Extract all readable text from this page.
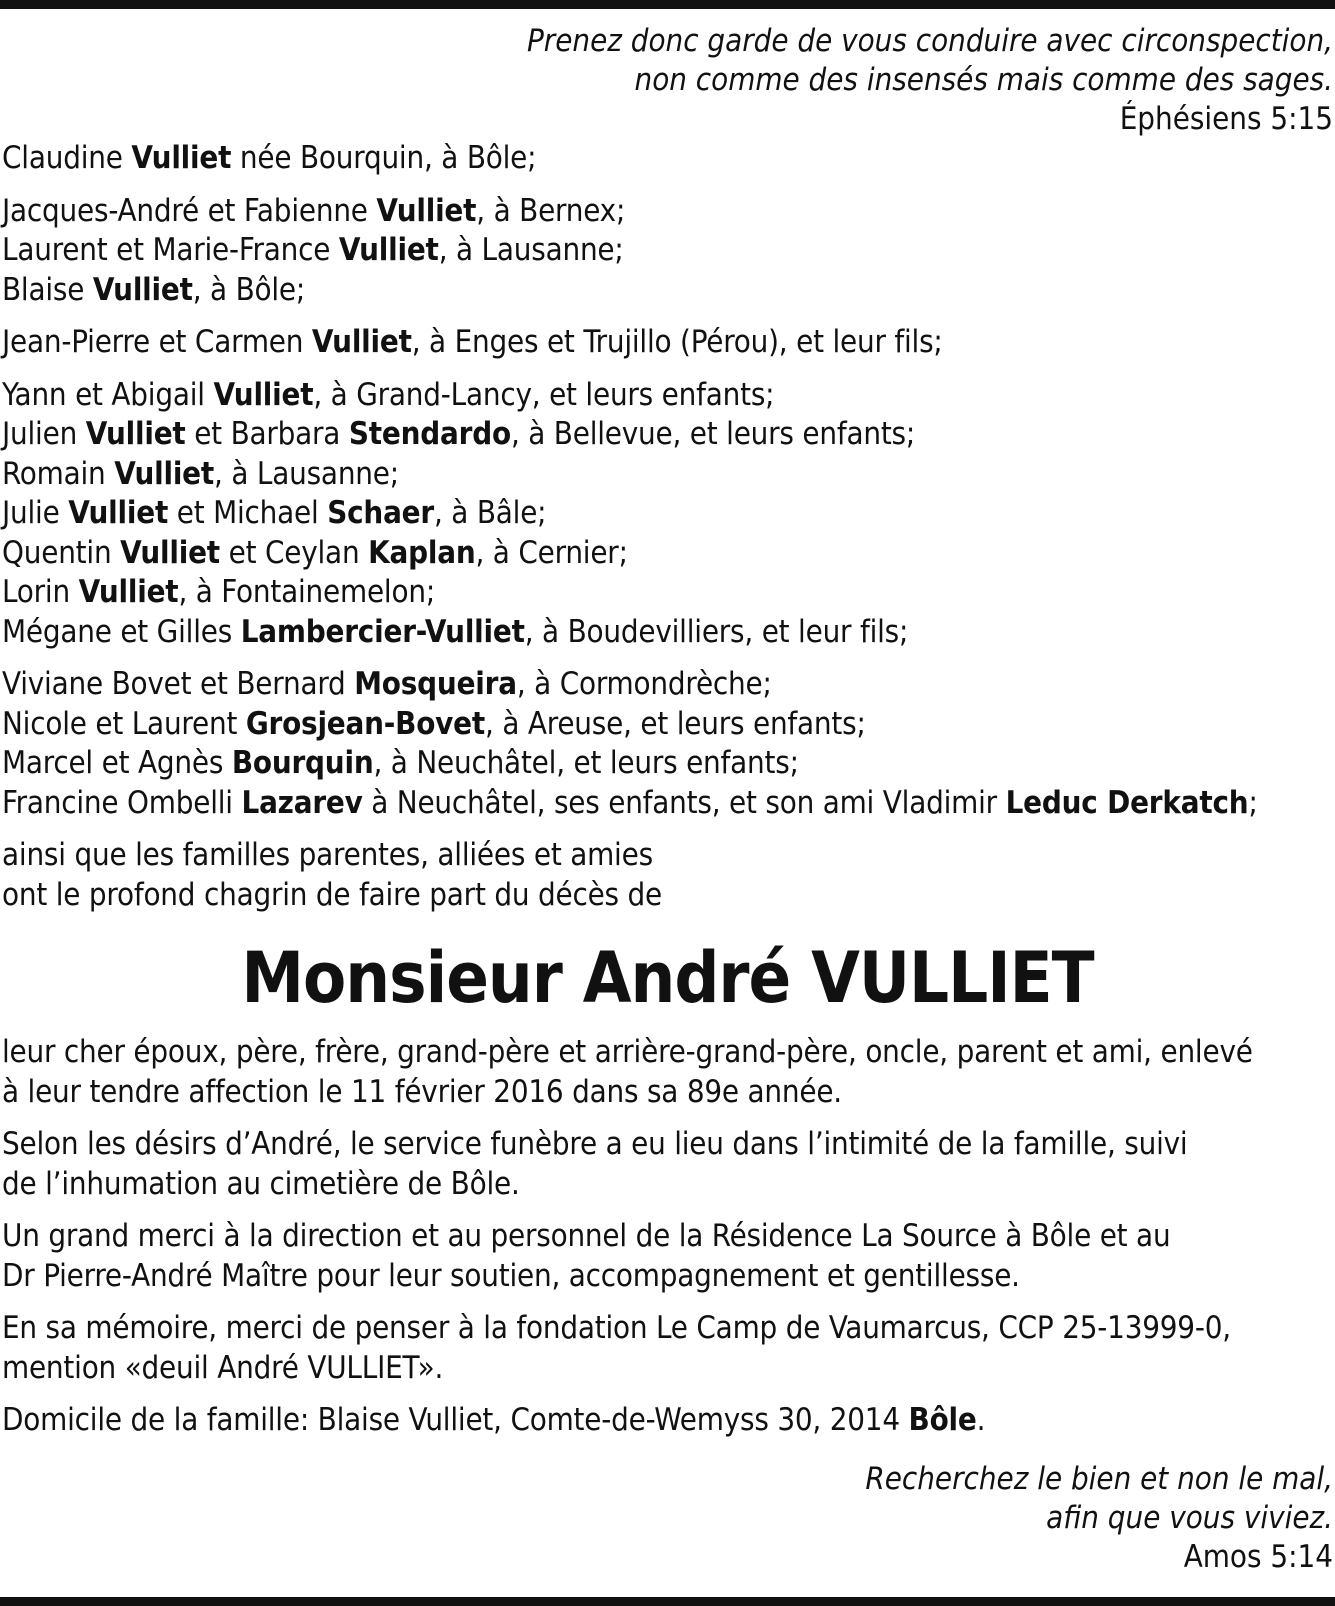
Prenez donc garde de vous conduire avec circonspection,
non comme des insensés mais comme des sages.
Éphésiens 5:15
Claudine Vulliet née Bourquin, à Bôle;
Jacques-André et Fabienne Vulliet, à Bernex;
Laurent et Marie-France Vulliet, à Lausanne;
Blaise Vulliet, à Bôle;
Jean-Pierre et Carmen Vulliet, à Enges et Trujillo (Pérou), et leur fils;
Yann et Abigail Vulliet, à Grand-Lancy, et leurs enfants;
Julien Vulliet et Barbara Stendardo, à Bellevue, et leurs enfants;
Romain Vulliet, à Lausanne;
Julie Vulliet et Michael Schaer, à Bâle;
Quentin Vulliet et Ceylan Kaplan, à Cernier;
Lorin Vulliet, à Fontainemelon;
Mégane et Gilles Lambercier-Vulliet, à Boudevilliers, et leur fils;
Viviane Bovet et Bernard Mosqueira, à Cormondrèche;
Nicole et Laurent Grosjean-Bovet, à Areuse, et leurs enfants;
Marcel et Agnès Bourquin, à Neuchâtel, et leurs enfants;
Francine Ombelli Lazarev à Neuchâtel, ses enfants, et son ami Vladimir Leduc Derkatch;
ainsi que les familles parentes, alliées et amies
ont le profond chagrin de faire part du décès de
Monsieur André VULLIET
leur cher époux, père, frère, grand-père et arrière-grand-père, oncle, parent et ami, enlevé
à leur tendre affection le 11 février 2016 dans sa 89e année.
Selon les désirs d’André, le service funèbre a eu lieu dans l’intimité de la famille, suivi
de l’inhumation au cimetière de Bôle.
Un grand merci à la direction et au personnel de la Résidence La Source à Bôle et au
Dr Pierre-André Maître pour leur soutien, accompagnement et gentillesse.
En sa mémoire, merci de penser à la fondation Le Camp de Vaumarcus, CCP 25-13999-0,
mention «deuil André VULLIET».
Domicile de la famille: Blaise Vulliet, Comte-de-Wemyss 30, 2014 Bôle.
Recherchez le bien et non le mal,
afin que vous viviez.
Amos 5:14
